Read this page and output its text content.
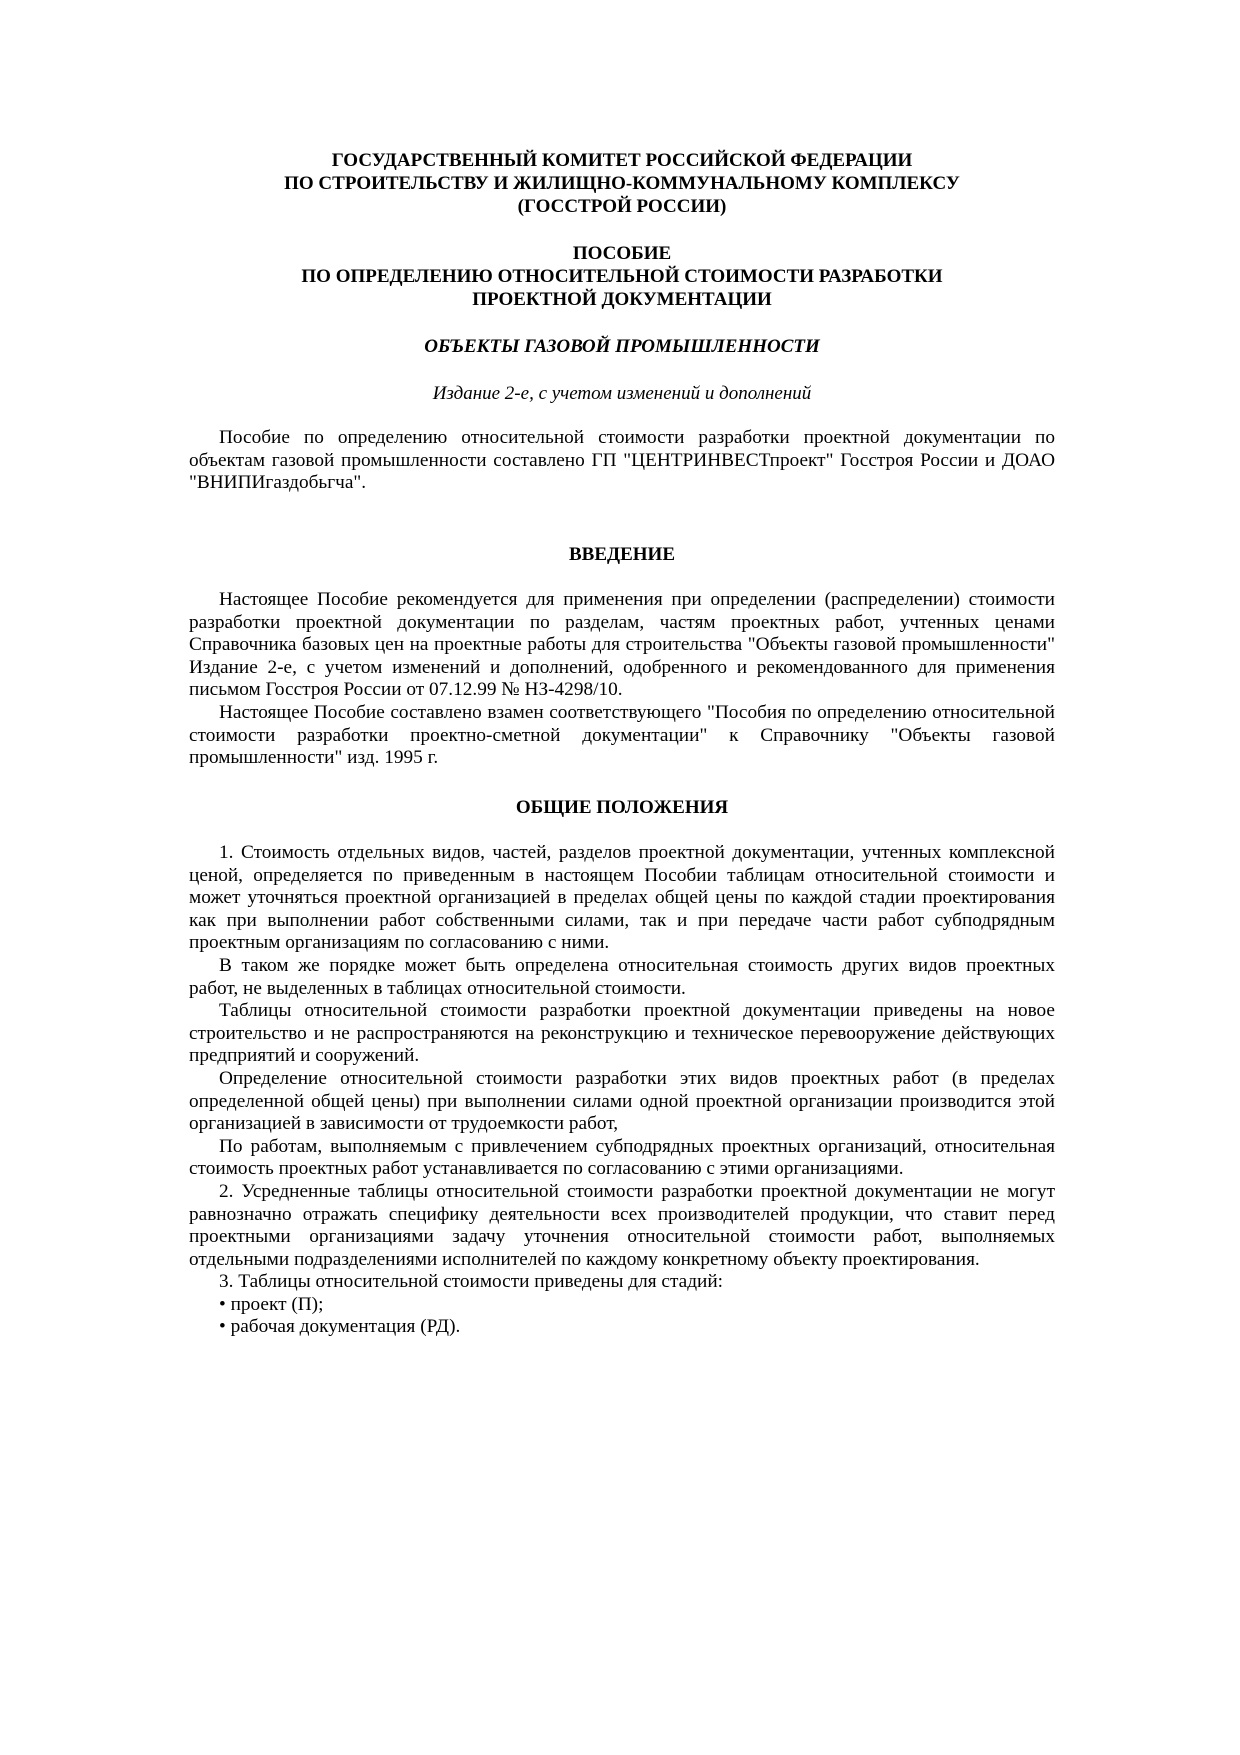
ГОСУДАРСТВЕННЫЙ КОМИТЕТ РОССИЙСКОЙ ФЕДЕРАЦИИ
ПО СТРОИТЕЛЬСТВУ И ЖИЛИЩНО-КОММУНАЛЬНОМУ КОМПЛЕКСУ
(ГОССТРОЙ РОССИИ)
ПОСОБИЕ
ПО ОПРЕДЕЛЕНИЮ ОТНОСИТЕЛЬНОЙ СТОИМОСТИ РАЗРАБОТКИ
ПРОЕКТНОЙ ДОКУМЕНТАЦИИ
ОБЪЕКТЫ ГАЗОВОЙ ПРОМЫШЛЕННОСТИ
Издание 2-е, с учетом изменений и дополнений

Пособие по определению относительной стоимости разработки проектной документации по объектам газовой промышленности составлено ГП "ЦЕНТРИНВЕСТпроект" Госстроя России и ДОАО "ВНИПИгаздобьгча".

ВВЕДЕНИЕ

Настоящее Пособие рекомендуется для применения при определении (распределении) стоимости разработки проектной документации по разделам, частям проектных работ, учтенных ценами Справочника базовых цен на проектные работы для строительства "Объекты газовой промышленности" Издание 2-е, с учетом изменений и дополнений, одобренного и рекомендованного для применения письмом Госстроя России от 07.12.99 № НЗ-4298/10.

Настоящее Пособие составлено взамен соответствующего "Пособия по определению относительной стоимости разработки проектно-сметной документации" к Справочнику "Объекты газовой промышленности" изд. 1995 г.

ОБЩИЕ ПОЛОЖЕНИЯ

1. Стоимость отдельных видов, частей, разделов проектной документации, учтенных комплексной ценой, определяется по приведенным в настоящем Пособии таблицам относительной стоимости и может уточняться проектной организацией в пределах общей цены по каждой стадии проектирования как при выполнении работ собственными силами, так и при передаче части работ субподрядным проектным организациям по согласованию с ними.

В таком же порядке может быть определена относительная стоимость других видов проектных работ, не выделенных в таблицах относительной стоимости.

Таблицы относительной стоимости разработки проектной документации приведены на новое строительство и не распространяются на реконструкцию и техническое перевооружение действующих предприятий и сооружений.

Определение относительной стоимости разработки этих видов проектных работ (в пределах определенной общей цены) при выполнении силами одной проектной организации производится этой организацией в зависимости от трудоемкости работ,

По работам, выполняемым с привлечением субподрядных проектных организаций, относительная стоимость проектных работ устанавливается по согласованию с этими организациями.

2. Усредненные таблицы относительной стоимости разработки проектной документации не могут равнозначно отражать специфику деятельности всех производителей продукции, что ставит перед проектными организациями задачу уточнения относительной стоимости работ, выполняемых отдельными подразделениями исполнителей по каждому конкретному объекту проектирования.

3. Таблицы относительной стоимости приведены для стадий:

• проект (П);

• рабочая документация (РД).
